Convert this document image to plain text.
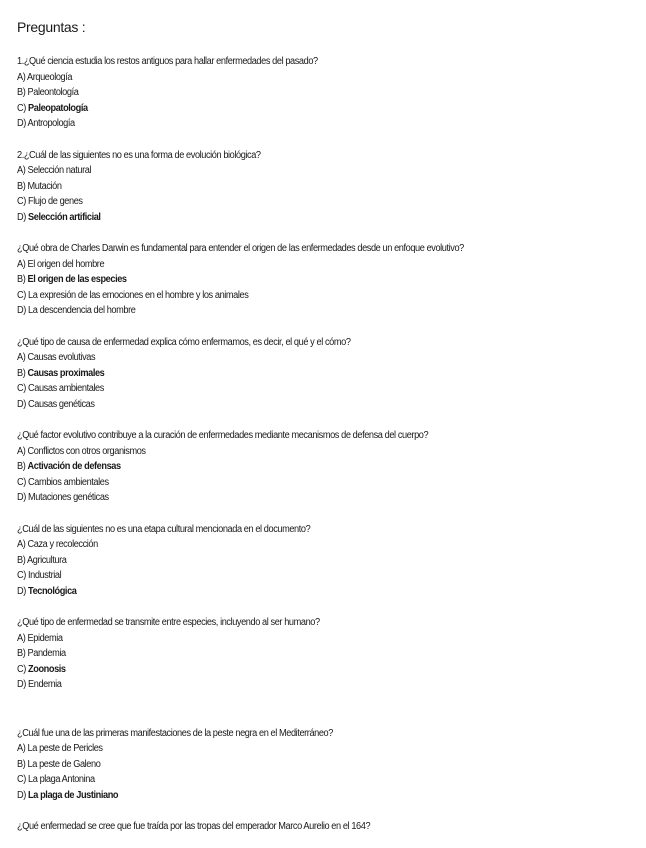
Preguntas :
1.¿Qué ciencia estudia los restos antiguos para hallar enfermedades del pasado?
A) Arqueología
B) Paleontología
C) Paleopatología
D) Antropología
2.¿Cuál de las siguientes no es una forma de evolución biológica?
A) Selección natural
B) Mutación
C) Flujo de genes
D) Selección artificial
¿Qué obra de Charles Darwin es fundamental para entender el origen de las enfermedades desde un enfoque evolutivo?
A) El origen del hombre
B) El origen de las especies
C) La expresión de las emociones en el hombre y los animales
D) La descendencia del hombre
¿Qué tipo de causa de enfermedad explica cómo enfermamos, es decir, el qué y el cómo?
A) Causas evolutivas
B) Causas proximales
C) Causas ambientales
D) Causas genéticas
¿Qué factor evolutivo contribuye a la curación de enfermedades mediante mecanismos de defensa del cuerpo?
A) Conflictos con otros organismos
B) Activación de defensas
C) Cambios ambientales
D) Mutaciones genéticas
¿Cuál de las siguientes no es una etapa cultural mencionada en el documento?
A) Caza y recolección
B) Agricultura
C) Industrial
D) Tecnológica
¿Qué tipo de enfermedad se transmite entre especies, incluyendo al ser humano?
A) Epidemia
B) Pandemia
C) Zoonosis
D) Endemia
¿Cuál fue una de las primeras manifestaciones de la peste negra en el Mediterráneo?
A) La peste de Pericles
B) La peste de Galeno
C) La plaga Antonina
D) La plaga de Justiniano
¿Qué enfermedad se cree que fue traída por las tropas del emperador Marco Aurelio en el 164?
